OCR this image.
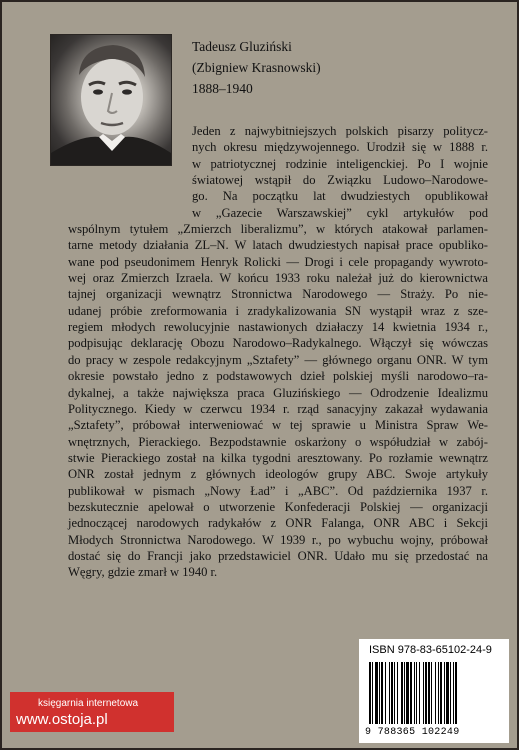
Tadeusz Gluziński
(Zbigniew Krasnowski)
1888–1940
Jeden z najwybitniejszych polskich pisarzy politycz-
nych okresu międzywojennego. Urodził się w 1888 r.
w patriotycznej rodzinie inteligenckiej. Po I wojnie
światowej wstąpił do Związku Ludowo–Narodowe-
go. Na początku lat dwudziestych opublikował
w „Gazecie Warszawskiej” cykl artykułów pod
wspólnym tytułem „Zmierzch liberalizmu”, w których atakował parlamen-
tarne metody działania ZL–N. W latach dwudziestych napisał prace opubliko-
wane pod pseudonimem Henryk Rolicki — Drogi i cele propagandy wywroto-
wej oraz Zmierzch Izraela. W końcu 1933 roku należał już do kierownictwa
tajnej organizacji wewnątrz Stronnictwa Narodowego — Straży. Po nie-
udanej próbie zreformowania i zradykalizowania SN wystąpił wraz z sze-
regiem młodych rewolucyjnie nastawionych działaczy 14 kwietnia 1934 r.,
podpisując deklarację Obozu Narodowo–Radykalnego. Włączył się wówczas
do pracy w zespole redakcyjnym „Sztafety” — głównego organu ONR. W tym
okresie powstało jedno z podstawowych dzieł polskiej myśli narodowo–ra-
dykalnej, a także największa praca Gluzińskiego — Odrodzenie Idealizmu
Politycznego. Kiedy w czerwcu 1934 r. rząd sanacyjny zakazał wydawania
„Sztafety”, próbował interweniować w tej sprawie u Ministra Spraw We-
wnętrznych, Pierackiego. Bezpodstawnie oskarżony o współudział w zabój-
stwie Pierackiego został na kilka tygodni aresztowany. Po rozłamie wewnątrz
ONR został jednym z głównych ideologów grupy ABC. Swoje artykuły
publikował w pismach „Nowy Ład” i „ABC”. Od października 1937 r.
bezskutecznie apelował o utworzenie Konfederacji Polskiej — organizacji
jednoczącej narodowych radykałów z ONR Falanga, ONR ABC i Sekcji
Młodych Stronnictwa Narodowego. W 1939 r., po wybuchu wojny, próbował
dostać się do Francji jako przedstawiciel ONR. Udało mu się przedostać na
Węgry, gdzie zmarł w 1940 r.
ISBN 978-83-65102-24-9
9 788365 102249
księgarnia internetowa
www.ostoja.pl
